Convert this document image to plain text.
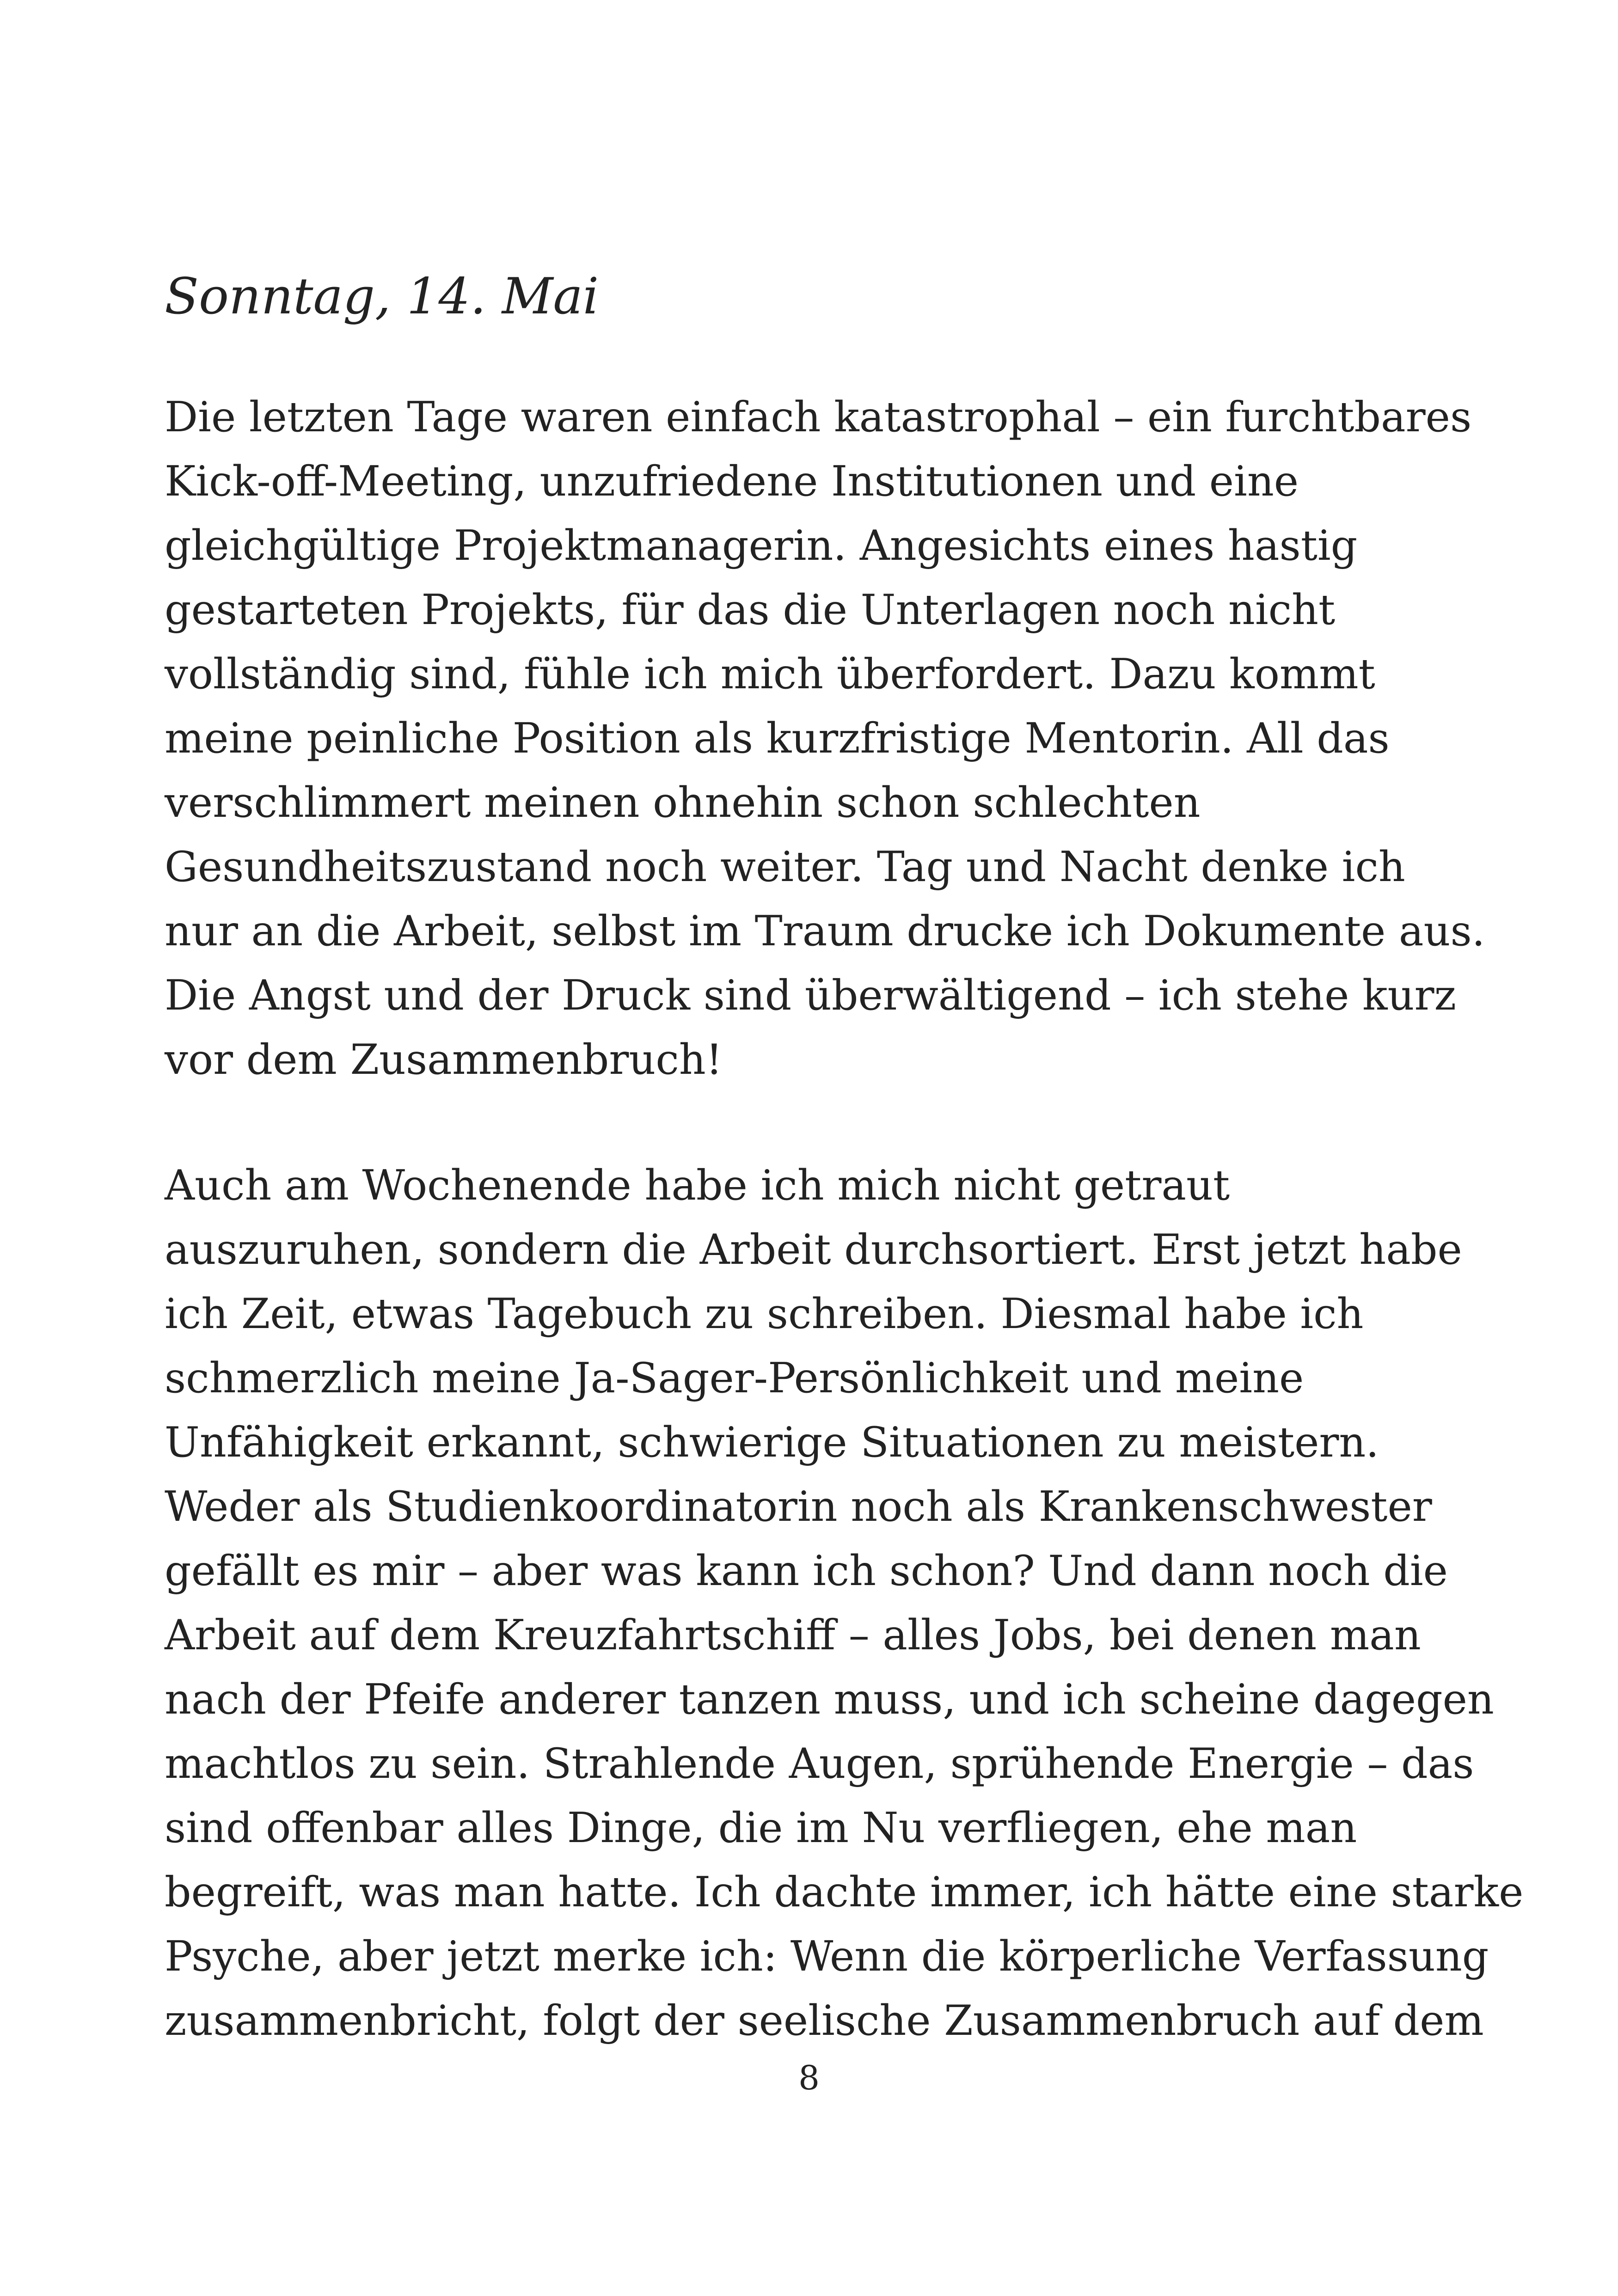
Sonntag, 14. Mai
Die letzten Tage waren einfach katastrophal – ein furchtbares
Kick-off-Meeting, unzufriedene Institutionen und eine
gleichgültige Projektmanagerin. Angesichts eines hastig
gestarteten Projekts, für das die Unterlagen noch nicht
vollständig sind, fühle ich mich überfordert. Dazu kommt
meine peinliche Position als kurzfristige Mentorin. All das
verschlimmert meinen ohnehin schon schlechten
Gesundheitszustand noch weiter. Tag und Nacht denke ich
nur an die Arbeit, selbst im Traum drucke ich Dokumente aus.
Die Angst und der Druck sind überwältigend – ich stehe kurz
vor dem Zusammenbruch!
Auch am Wochenende habe ich mich nicht getraut
auszuruhen, sondern die Arbeit durchsortiert. Erst jetzt habe
ich Zeit, etwas Tagebuch zu schreiben. Diesmal habe ich
schmerzlich meine Ja-Sager-Persönlichkeit und meine
Unfähigkeit erkannt, schwierige Situationen zu meistern.
Weder als Studienkoordinatorin noch als Krankenschwester
gefällt es mir – aber was kann ich schon? Und dann noch die
Arbeit auf dem Kreuzfahrtschiff – alles Jobs, bei denen man
nach der Pfeife anderer tanzen muss, und ich scheine dagegen
machtlos zu sein. Strahlende Augen, sprühende Energie – das
sind offenbar alles Dinge, die im Nu verfliegen, ehe man
begreift, was man hatte. Ich dachte immer, ich hätte eine starke
Psyche, aber jetzt merke ich: Wenn die körperliche Verfassung
zusammenbricht, folgt der seelische Zusammenbruch auf dem
8
